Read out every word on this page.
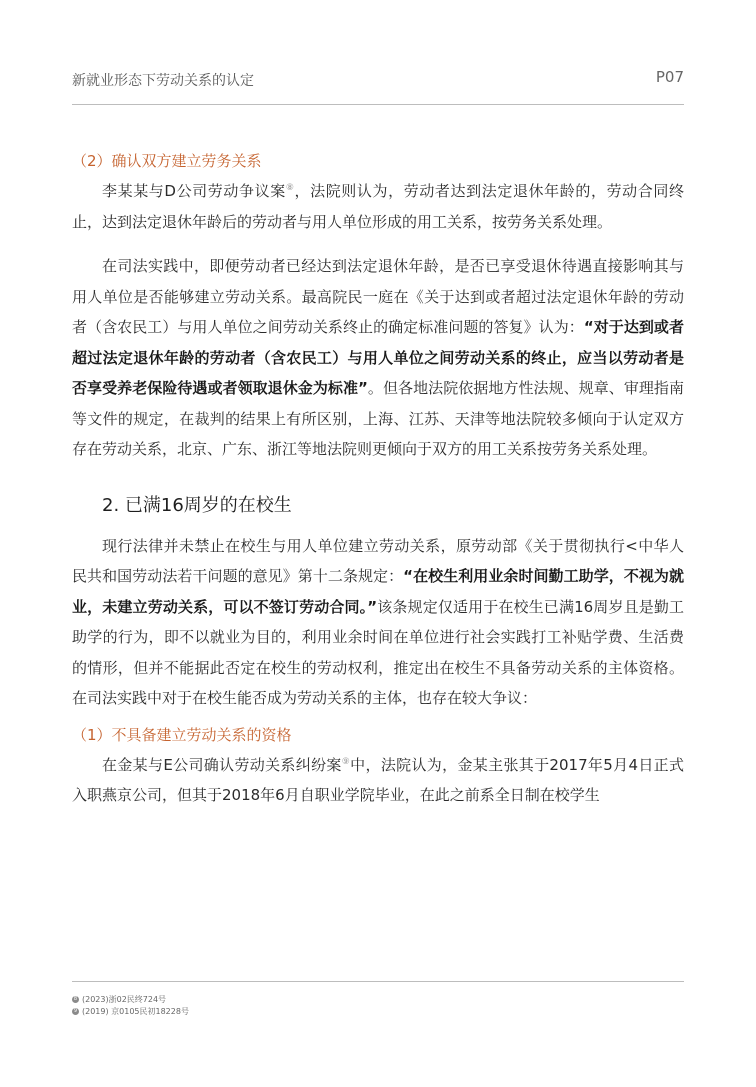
新就业形态下劳动关系的认定	P07
（2）确认双方建立劳务关系

李某某与D公司劳动争议案⑧，法院则认为，劳动者达到法定退休年龄的，劳动合同终止，达到法定退休年龄后的劳动者与用人单位形成的用工关系，按劳务关系处理。

在司法实践中，即便劳动者已经达到法定退休年龄，是否已享受退休待遇直接影响其与用人单位是否能够建立劳动关系。最高院民一庭在《关于达到或者超过法定退休年龄的劳动者（含农民工）与用人单位之间劳动关系终止的确定标准问题的答复》认为：“对于达到或者超过法定退休年龄的劳动者（含农民工）与用人单位之间劳动关系的终止，应当以劳动者是否享受养老保险待遇或者领取退休金为标准”。但各地法院依据地方性法规、规章、审理指南等文件的规定，在裁判的结果上有所区别，上海、江苏、天津等地法院较多倾向于认定双方存在劳动关系，北京、广东、浙江等地法院则更倾向于双方的用工关系按劳务关系处理。

2. 已满16周岁的在校生

现行法律并未禁止在校生与用人单位建立劳动关系，原劳动部《关于贯彻执行<中华人民共和国劳动法若干问题的意见》第十二条规定：“在校生利用业余时间勤工助学，不视为就业，未建立劳动关系，可以不签订劳动合同。”该条规定仅适用于在校生已满16周岁且是勤工助学的行为，即不以就业为目的，利用业余时间在单位进行社会实践打工补贴学费、生活费的情形，但并不能据此否定在校生的劳动权利，推定出在校生不具备劳动关系的主体资格。在司法实践中对于在校生能否成为劳动关系的主体，也存在较大争议：

（1）不具备建立劳动关系的资格

在金某与E公司确认劳动关系纠纷案⑨中，法院认为，金某主张其于2017年5月4日正式入职燕京公司，但其于2018年6月自职业学院毕业，在此之前系全日制在校学生

8 (2023)浙02民终724号
9 (2019) 京0105民初18228号
